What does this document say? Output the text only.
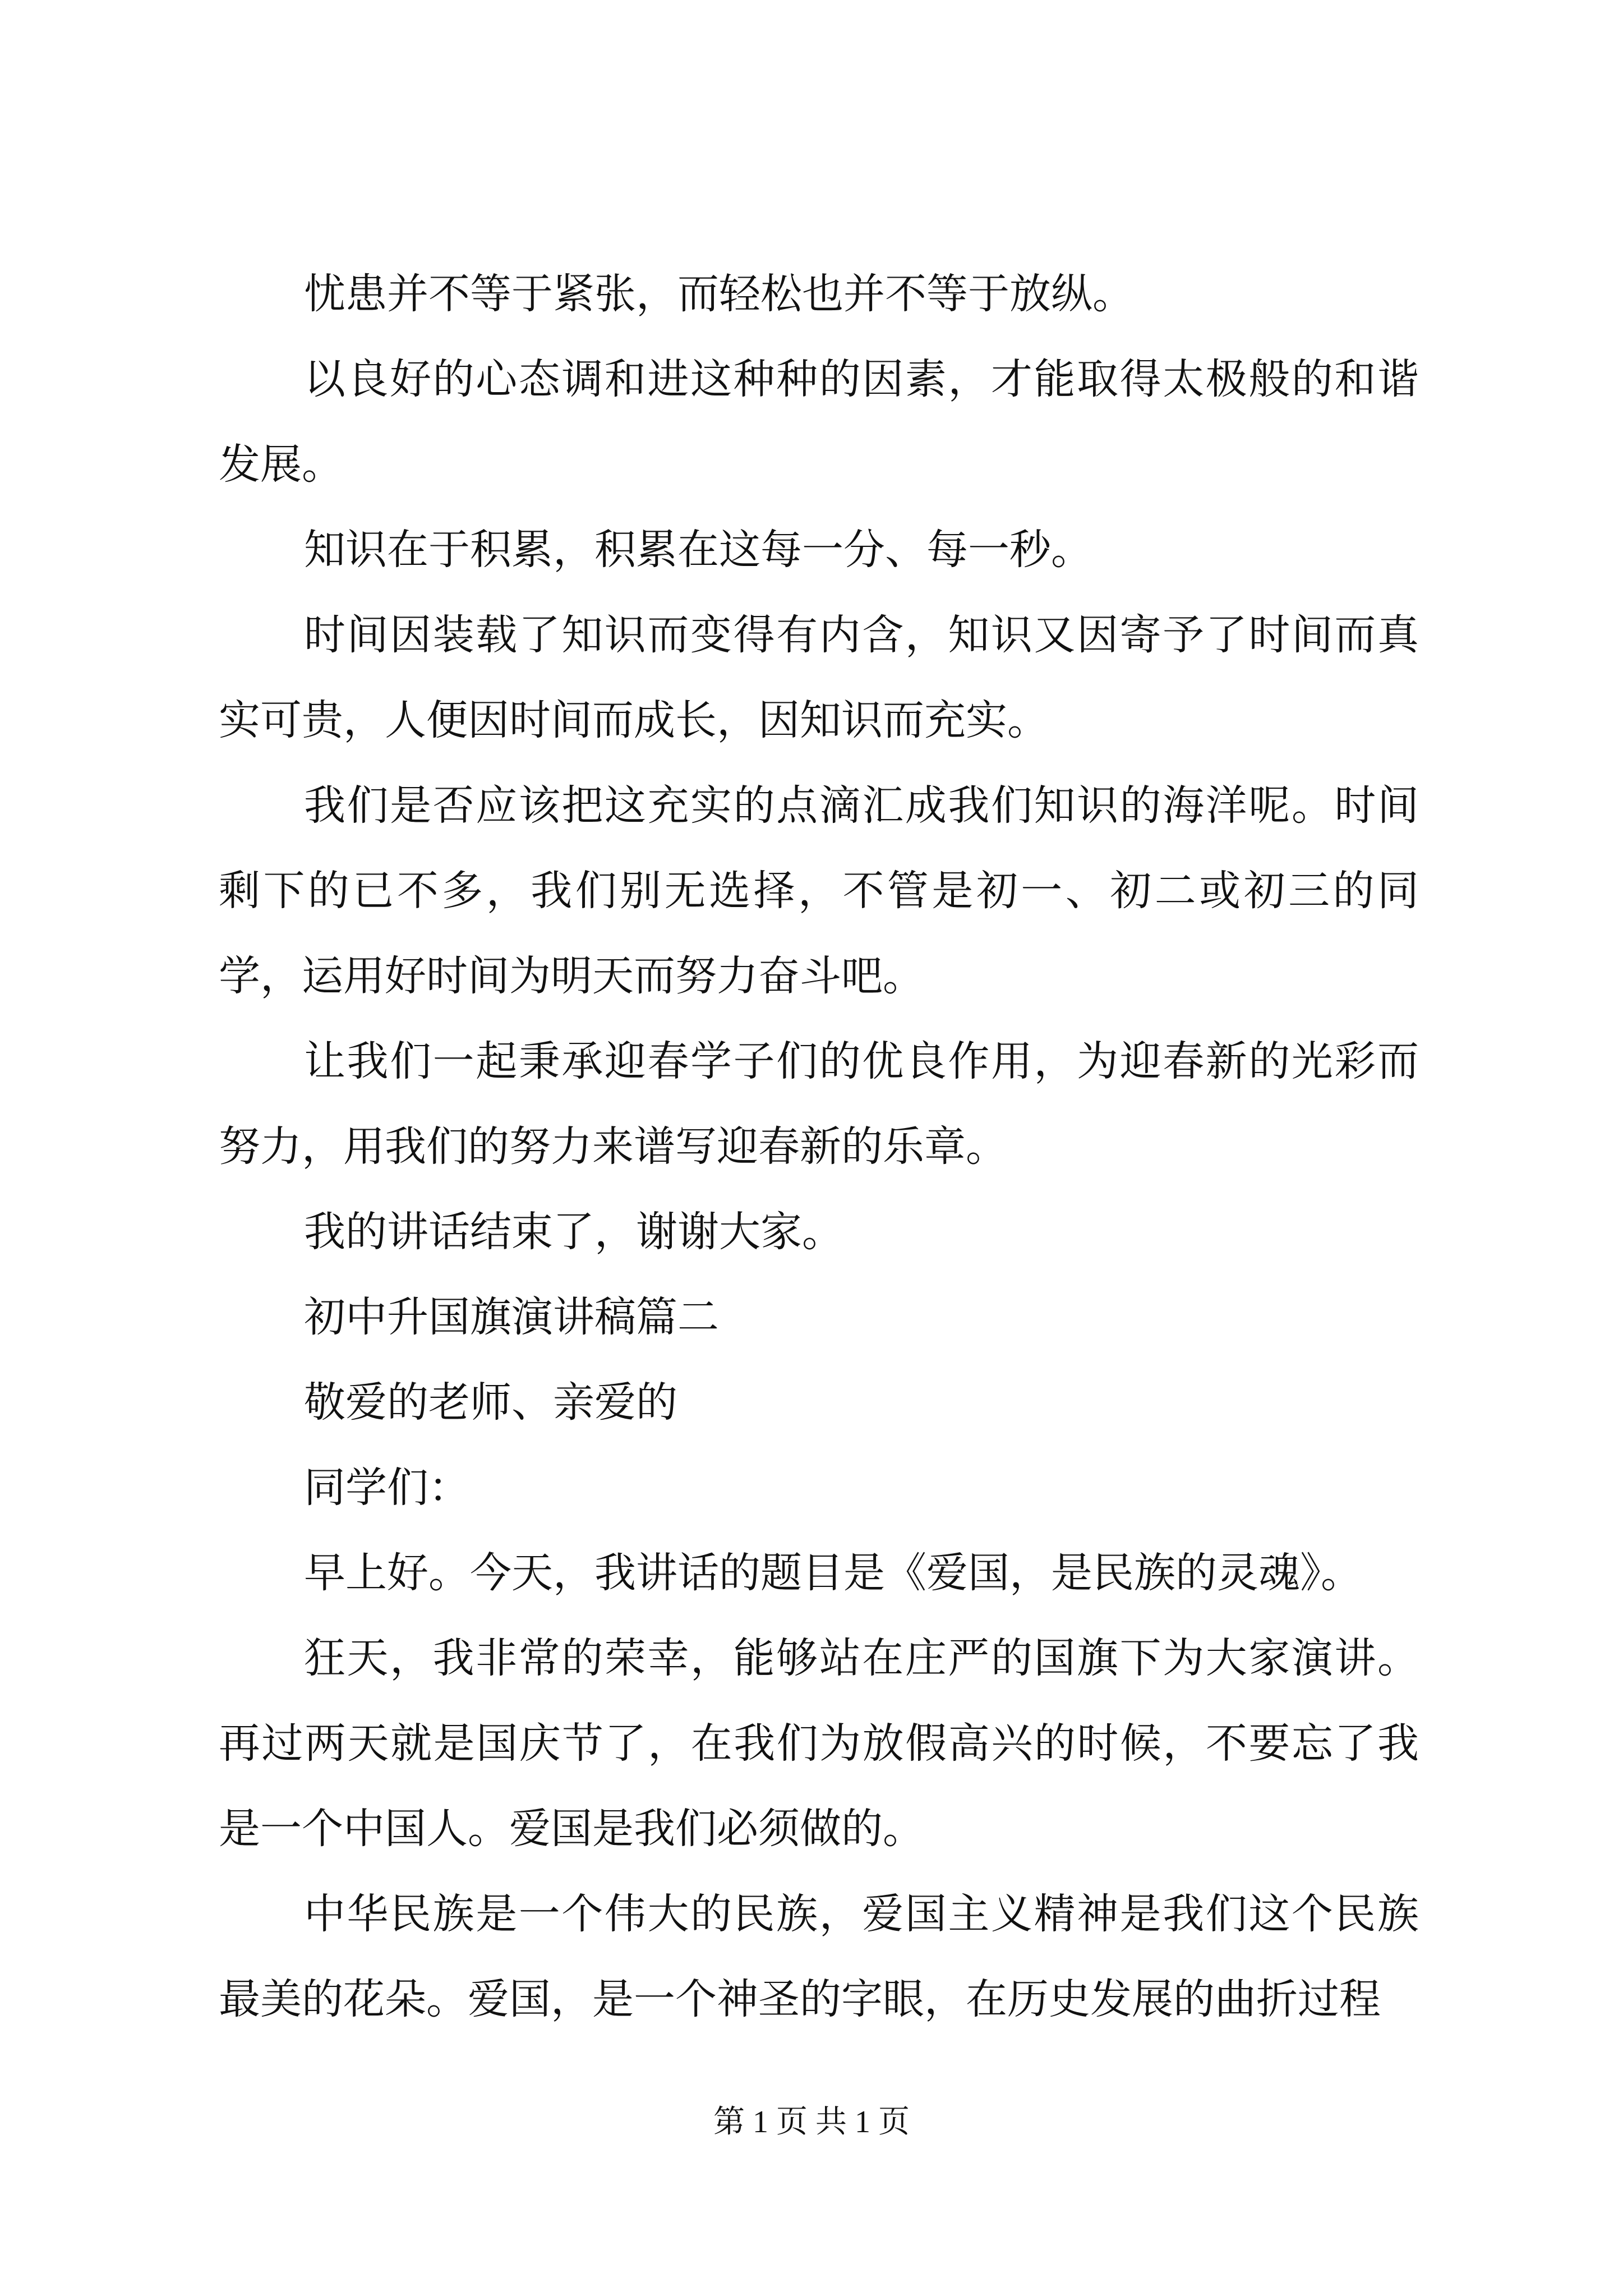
忧患并不等于紧张，而轻松也并不等于放纵。

以良好的心态调和进这种种的因素，才能取得太极般的和谐发展。

知识在于积累，积累在这每一分、每一秒。

时间因装载了知识而变得有内含，知识又因寄予了时间而真实可贵，人便因时间而成长，因知识而充实。

我们是否应该把这充实的点滴汇成我们知识的海洋呢。时间剩下的已不多，我们别无选择，不管是初一、初二或初三的同学，运用好时间为明天而努力奋斗吧。

让我们一起秉承迎春学子们的优良作用，为迎春新的光彩而努力，用我们的努力来谱写迎春新的乐章。

我的讲话结束了，谢谢大家。

初中升国旗演讲稿篇二

敬爱的老师、亲爱的

同学们：

早上好。今天，我讲话的题目是《爱国，是民族的灵魂》。

狂天，我非常的荣幸，能够站在庄严的国旗下为大家演讲。再过两天就是国庆节了，在我们为放假高兴的时候，不要忘了我是一个中国人。爱国是我们必须做的。

中华民族是一个伟大的民族，爱国主义精神是我们这个民族最美的花朵。爱国，是一个神圣的字眼，在历史发展的曲折过程

第 1 页 共 1 页
